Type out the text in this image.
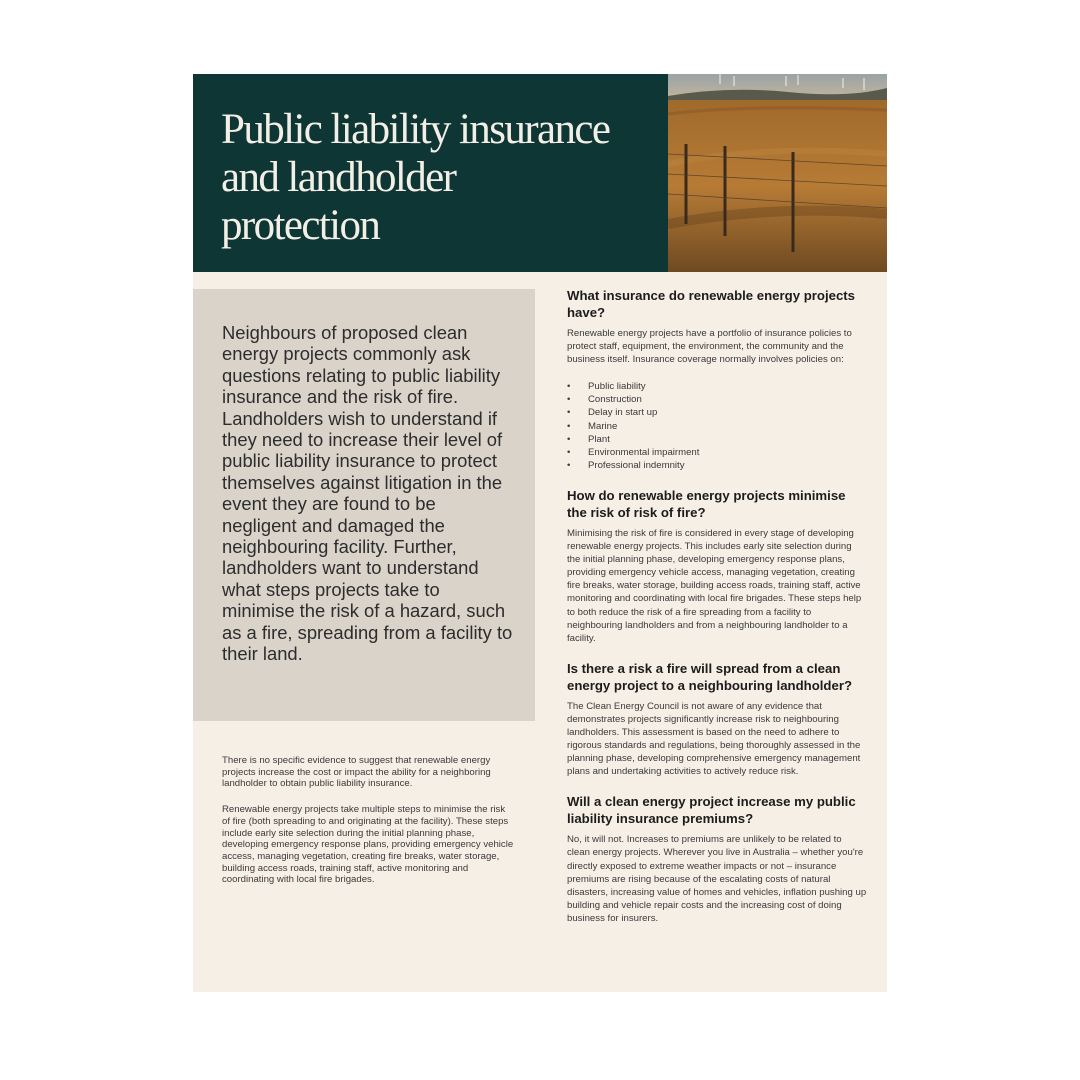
Public liability insurance
and landholder
protection
Neighbours of proposed clean energy projects commonly ask questions relating to public liability insurance and the risk of fire. Landholders wish to understand if they need to increase their level of public liability insurance to protect themselves against litigation in the event they are found to be negligent and damaged the neighbouring facility. Further, landholders want to understand what steps projects take to minimise the risk of a hazard, such as a fire, spreading from a facility to their land.

There is no specific evidence to suggest that renewable energy projects increase the cost or impact the ability for a neighboring landholder to obtain public liability insurance.

Renewable energy projects take multiple steps to minimise the risk of fire (both spreading to and originating at the facility). These steps include early site selection during the initial planning phase, developing emergency response plans, providing emergency vehicle access, managing vegetation, creating fire breaks, water storage, building access roads, training staff, active monitoring and coordinating with local fire brigades.

What insurance do renewable energy projects have?

Renewable energy projects have a portfolio of insurance policies to protect staff, equipment, the environment, the community and the business itself. Insurance coverage normally involves policies on:

• Public liability
• Construction
• Delay in start up
• Marine
• Plant
• Environmental impairment
• Professional indemnity
How do renewable energy projects minimise the risk of risk of fire?

Minimising the risk of fire is considered in every stage of developing renewable energy projects. This includes early site selection during the initial planning phase, developing emergency response plans, providing emergency vehicle access, managing vegetation, creating fire breaks, water storage, building access roads, training staff, active monitoring and coordinating with local fire brigades. These steps help to both reduce the risk of a fire spreading from a facility to neighbouring landholders and from a neighbouring landholder to a facility.

Is there a risk a fire will spread from a clean energy project to a neighbouring landholder?

The Clean Energy Council is not aware of any evidence that demonstrates projects significantly increase risk to neighbouring landholders. This assessment is based on the need to adhere to rigorous standards and regulations, being thoroughly assessed in the planning phase, developing comprehensive emergency management plans and undertaking activities to actively reduce risk.

Will a clean energy project increase my public liability insurance premiums?

No, it will not. Increases to premiums are unlikely to be related to clean energy projects. Wherever you live in Australia – whether you're directly exposed to extreme weather impacts or not – insurance premiums are rising because of the escalating costs of natural disasters, increasing value of homes and vehicles, inflation pushing up building and vehicle repair costs and the increasing cost of doing business for insurers.
